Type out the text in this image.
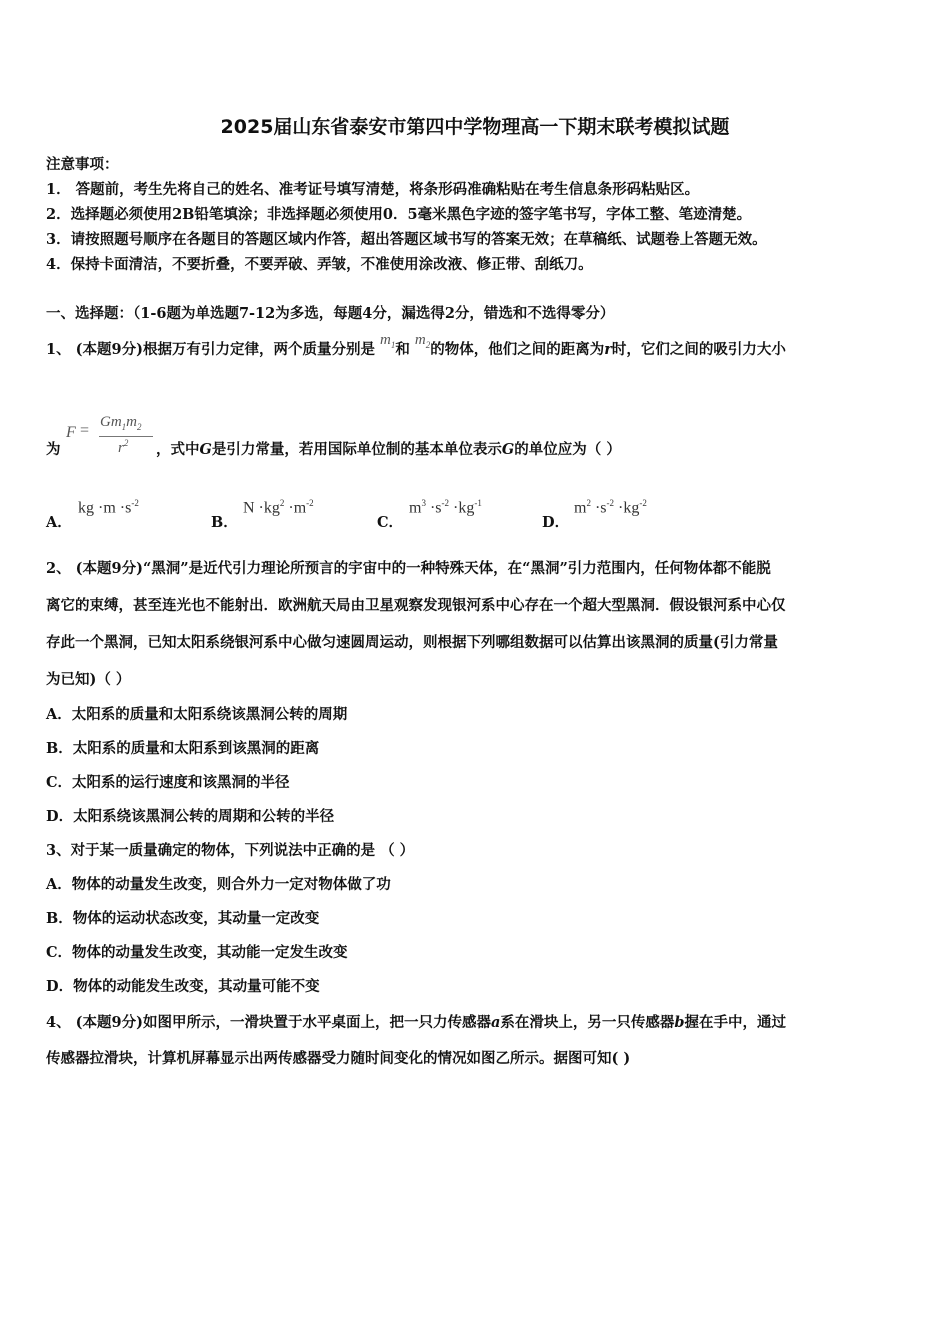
2025届山东省泰安市第四中学物理高一下期末联考模拟试题
注意事项：
1． 答题前，考生先将自己的姓名、准考证号填写清楚，将条形码准确粘贴在考生信息条形码粘贴区。
2．选择题必须使用2B铅笔填涂；非选择题必须使用0．5毫米黑色字迹的签字笔书写，字体工整、笔迹清楚。
3．请按照题号顺序在各题目的答题区域内作答，超出答题区域书写的答案无效；在草稿纸、试题卷上答题无效。
4．保持卡面清洁，不要折叠，不要弄破、弄皱，不准使用涂改液、修正带、刮纸刀。
一、选择题：（1-6题为单选题7-12为多选，每题4分，漏选得2分，错选和不选得零分）
1、 (本题9分)根据万有引力定律，两个质量分别是 $m_1$和 $m_2$的物体，他们之间的距离为r时，它们之间的吸引力大小
为
$F = Gm_1m_2$
$r^2$ ，式中G是引力常量，若用国际单位制的基本单位表示G的单位应为（ ）
A．
kg $\cdot m \cdot s^{-2}$
B．
$N \cdot kg^2 \cdot m^{-2}$
C．
$m^3 \cdot s^{-2} \cdot kg^{-1}$
D．
$m^2 \cdot s^{-2} \cdot kg^{-2}$
2、 (本题9分)“黑洞”是近代引力理论所预言的宇宙中的一种特殊天体，在“黑洞”引力范围内，任何物体都不能脱
离它的束缚，甚至连光也不能射出．欧洲航天局由卫星观察发现银河系中心存在一个超大型黑洞．假设银河系中心仅
存此一个黑洞，已知太阳系绕银河系中心做匀速圆周运动，则根据下列哪组数据可以估算出该黑洞的质量(引力常量
为已知)（ ）
A．太阳系的质量和太阳系绕该黑洞公转的周期
B．太阳系的质量和太阳系到该黑洞的距离
C．太阳系的运行速度和该黑洞的半径
D．太阳系绕该黑洞公转的周期和公转的半径
3、对于某一质量确定的物体，下列说法中正确的是 （ ）
A．物体的动量发生改变，则合外力一定对物体做了功
B．物体的运动状态改变，其动量一定改变
C．物体的动量发生改变，其动能一定发生改变
D．物体的动能发生改变，其动量可能不变
4、 (本题9分)如图甲所示，一滑块置于水平桌面上，把一只力传感器a系在滑块上，另一只传感器b握在手中，通过
传感器拉滑块，计算机屏幕显示出两传感器受力随时间变化的情况如图乙所示。据图可知( )
